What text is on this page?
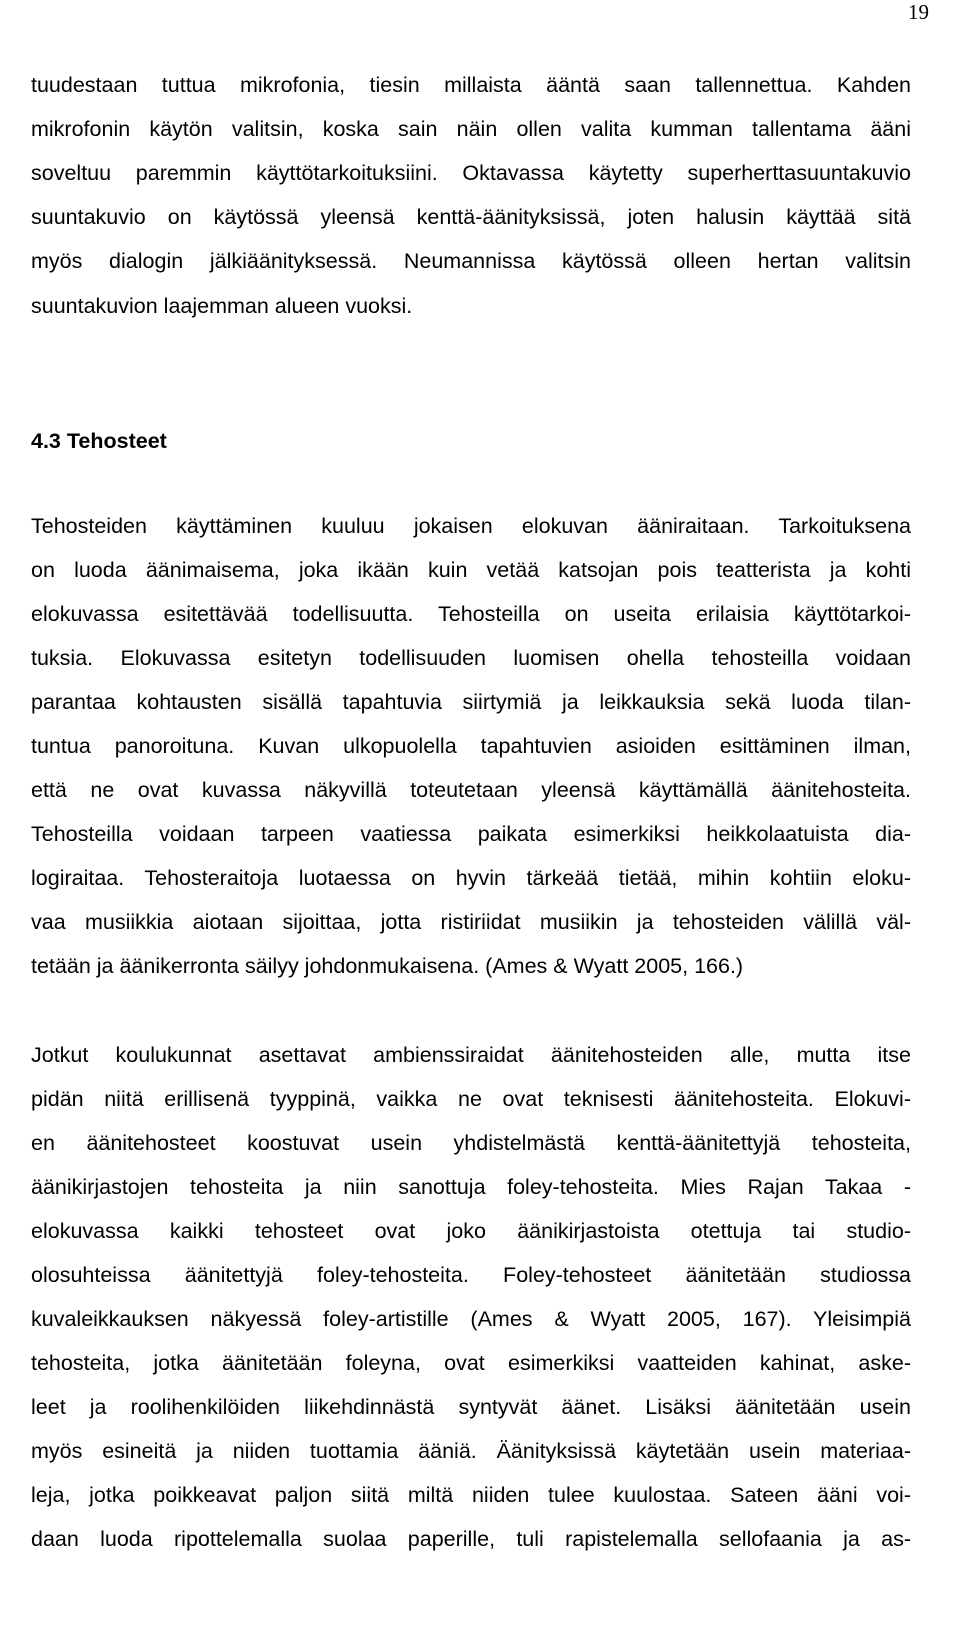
19
tuudestaan tuttua mikrofonia, tiesin millaista ääntä saan tallennettua. Kahden
mikrofonin käytön valitsin, koska sain näin ollen valita kumman tallentama ääni
soveltuu paremmin käyttötarkoituksiini. Oktavassa käytetty superherttasuuntakuvio
suuntakuvio on käytössä yleensä kenttä-äänityksissä, joten halusin käyttää sitä
myös dialogin jälkiäänityksessä. Neumannissa käytössä olleen hertan valitsin
suuntakuvion laajemman alueen vuoksi.
4.3 Tehosteet
Tehosteiden käyttäminen kuuluu jokaisen elokuvan ääniraitaan. Tarkoituksena
on luoda äänimaisema, joka ikään kuin vetää katsojan pois teatterista ja kohti
elokuvassa esitettävää todellisuutta. Tehosteilla on useita erilaisia käyttötarkoi-
tuksia. Elokuvassa esitetyn todellisuuden luomisen ohella tehosteilla voidaan
parantaa kohtausten sisällä tapahtuvia siirtymiä ja leikkauksia sekä luoda tilan-
tuntua panoroituna. Kuvan ulkopuolella tapahtuvien asioiden esittäminen ilman,
että ne ovat kuvassa näkyvillä toteutetaan yleensä käyttämällä äänitehosteita.
Tehosteilla voidaan tarpeen vaatiessa paikata esimerkiksi heikkolaatuista dia-
logiraitaa. Tehosteraitoja luotaessa on hyvin tärkeää tietää, mihin kohtiin eloku-
vaa musiikkia aiotaan sijoittaa, jotta ristiriidat musiikin ja tehosteiden välillä väl-
tetään ja äänikerronta säilyy johdonmukaisena. (Ames & Wyatt 2005, 166.)
Jotkut koulukunnat asettavat ambienssiraidat äänitehosteiden alle, mutta itse
pidän niitä erillisenä tyyppinä, vaikka ne ovat teknisesti äänitehosteita. Elokuvi-
en äänitehosteet koostuvat usein yhdistelmästä kenttä-äänitettyjä tehosteita,
äänikirjastojen tehosteita ja niin sanottuja foley-tehosteita. Mies Rajan Takaa -
elokuvassa kaikki tehosteet ovat joko äänikirjastoista otettuja tai studio-
olosuhteissa äänitettyjä foley-tehosteita. Foley-tehosteet äänitetään studiossa
kuvaleikkauksen näkyessä foley-artistille (Ames & Wyatt 2005, 167). Yleisimpiä
tehosteita, jotka äänitetään foleyna, ovat esimerkiksi vaatteiden kahinat, aske-
leet ja roolihenkilöiden liikehdinnästä syntyvät äänet. Lisäksi äänitetään usein
myös esineitä ja niiden tuottamia ääniä. Äänityksissä käytetään usein materiaa-
leja, jotka poikkeavat paljon siitä miltä niiden tulee kuulostaa. Sateen ääni voi-
daan luoda ripottelemalla suolaa paperille, tuli rapistelemalla sellofaania ja as-
